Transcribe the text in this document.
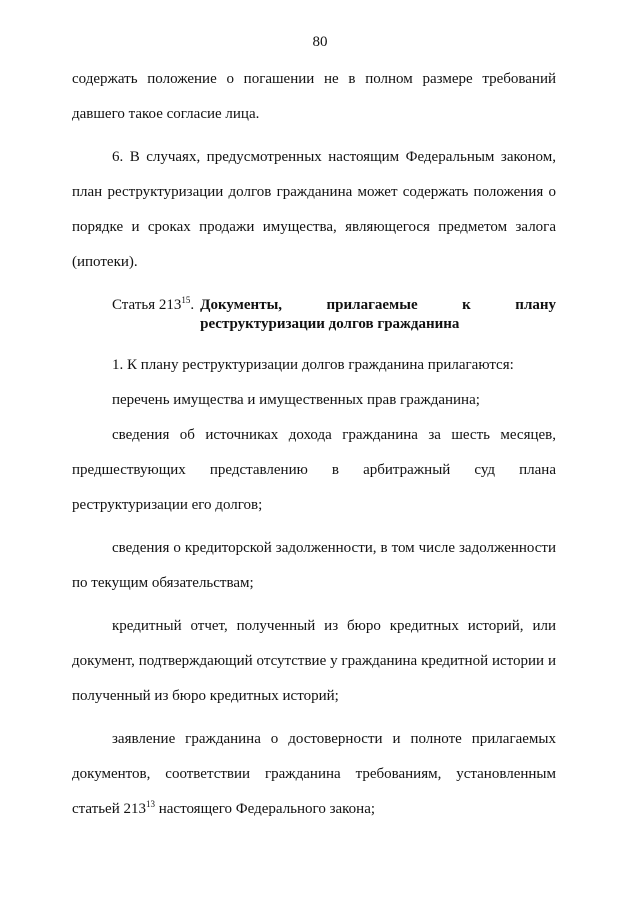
80

содержать положение о погашении не в полном размере требований
давшего такое согласие лица.

6. В случаях, предусмотренных настоящим Федеральным законом,
план реструктуризации долгов гражданина может содержать положения о порядке и сроках продажи имущества, являющегося предметом залога (ипотеки).

Статья $213^{15}$. Документы, прилагаемые к плану
реструктуризации долгов гражданина

1. К плану реструктуризации долгов гражданина прилагаются:

перечень имущества и имущественных прав гражданина;

сведения об источниках дохода гражданина за шесть месяцев, предшествующих представлению в арбитражный суд плана реструктуризации его долгов;

сведения о кредиторской задолженности, в том числе задолженности по текущим обязательствам;

кредитный отчет, полученный из бюро кредитных историй, или документ, подтверждающий отсутствие у гражданина кредитной истории и полученный из бюро кредитных историй;

заявление гражданина о достоверности и полноте прилагаемых документов, соответствии гражданина требованиям, установленным статьей $213^{13}$ настоящего Федерального закона;
